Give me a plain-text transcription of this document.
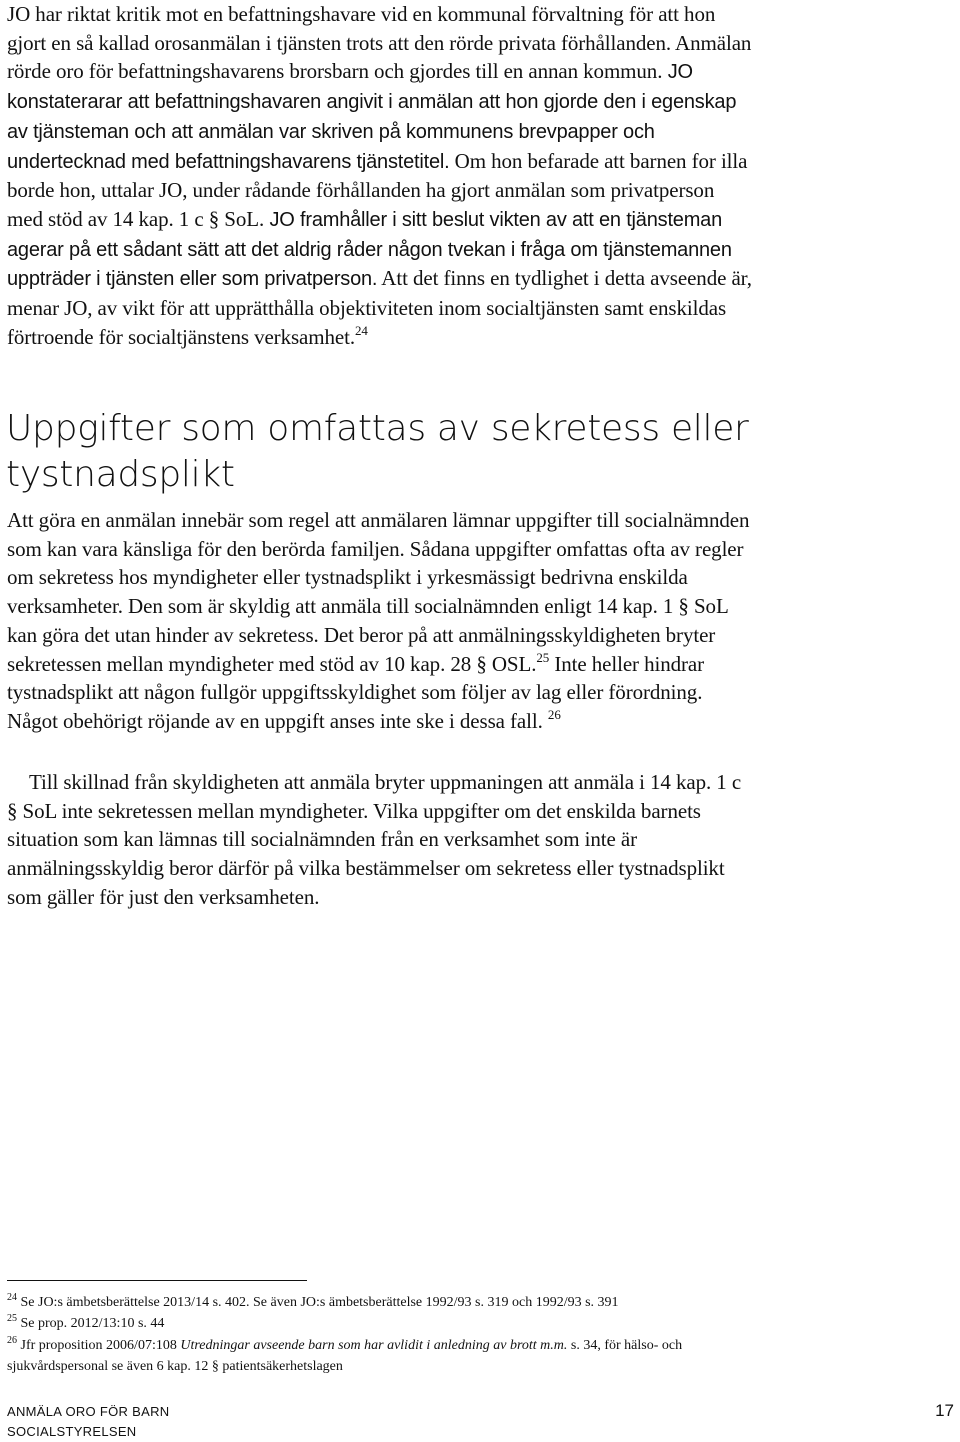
JO har riktat kritik mot en befattningshavare vid en kommunal förvaltning för att hon gjort en så kallad orosanmälan i tjänsten trots att den rörde privata förhållanden. Anmälan rörde oro för befattningshavarens brorsbarn och gjordes till en annan kommun. JO konstaterarar att befattningshavaren angivit i anmälan att hon gjorde den i egenskap av tjänsteman och att anmälan var skriven på kommunens brevpapper och undertecknad med befattningshavarens tjänstetitel. Om hon befarade att barnen for illa borde hon, uttalar JO, under rådande förhållanden ha gjort anmälan som privatperson med stöd av 14 kap. 1 c § SoL. JO framhåller i sitt beslut vikten av att en tjänsteman agerar på ett sådant sätt att det aldrig råder någon tvekan i fråga om tjänstemannen uppträder i tjänsten eller som privatperson. Att det finns en tydlighet i detta avseende är, menar JO, av vikt för att upprätthålla objektiviteten inom socialtjänsten samt enskildas förtroende för socialtjänstens verksamhet.$^{24}$

Uppgifter som omfattas av sekretess eller tystnadsplikt

Att göra en anmälan innebär som regel att anmälaren lämnar uppgifter till socialnämnden som kan vara känsliga för den berörda familjen. Sådana uppgifter omfattas ofta av regler om sekretess hos myndigheter eller tystnadsplikt i yrkesmässigt bedrivna enskilda verksamheter. Den som är skyldig att anmäla till socialnämnden enligt 14 kap. 1 § SoL kan göra det utan hinder av sekretess. Det beror på att anmälningsskyldigheten bryter sekretessen mellan myndigheter med stöd av 10 kap. 28 § OSL.$^{25}$ Inte heller hindrar tystnadsplikt att någon fullgör uppgiftsskyldighet som följer av lag eller förordning. Något obehörigt röjande av en uppgift anses inte ske i dessa fall. $^{26}$

Till skillnad från skyldigheten att anmäla bryter uppmaningen att anmäla i 14 kap. 1 c § SoL inte sekretessen mellan myndigheter. Vilka uppgifter om det enskilda barnets situation som kan lämnas till socialnämnden från en verksamhet som inte är anmälningsskyldig beror därför på vilka bestämmelser om sekretess eller tystnadsplikt som gäller för just den verksamheten.

$^{24}$ Se JO:s ämbetsberättelse 2013/14 s. 402. Se även JO:s ämbetsberättelse 1992/93 s. 319 och 1992/93 s. 391

$^{25}$ Se prop. 2012/13:10 s. 44

$^{26}$ Jfr proposition 2006/07:108 Utredningar avseende barn som har avlidit i anledning av brott m.m. s. 34, för hälso- och sjukvårdspersonal se även 6 kap. 12 § patientsäkerhetslagen

ANMÄLA ORO FÖR BARN
SOCIALSTYRELSEN
17
